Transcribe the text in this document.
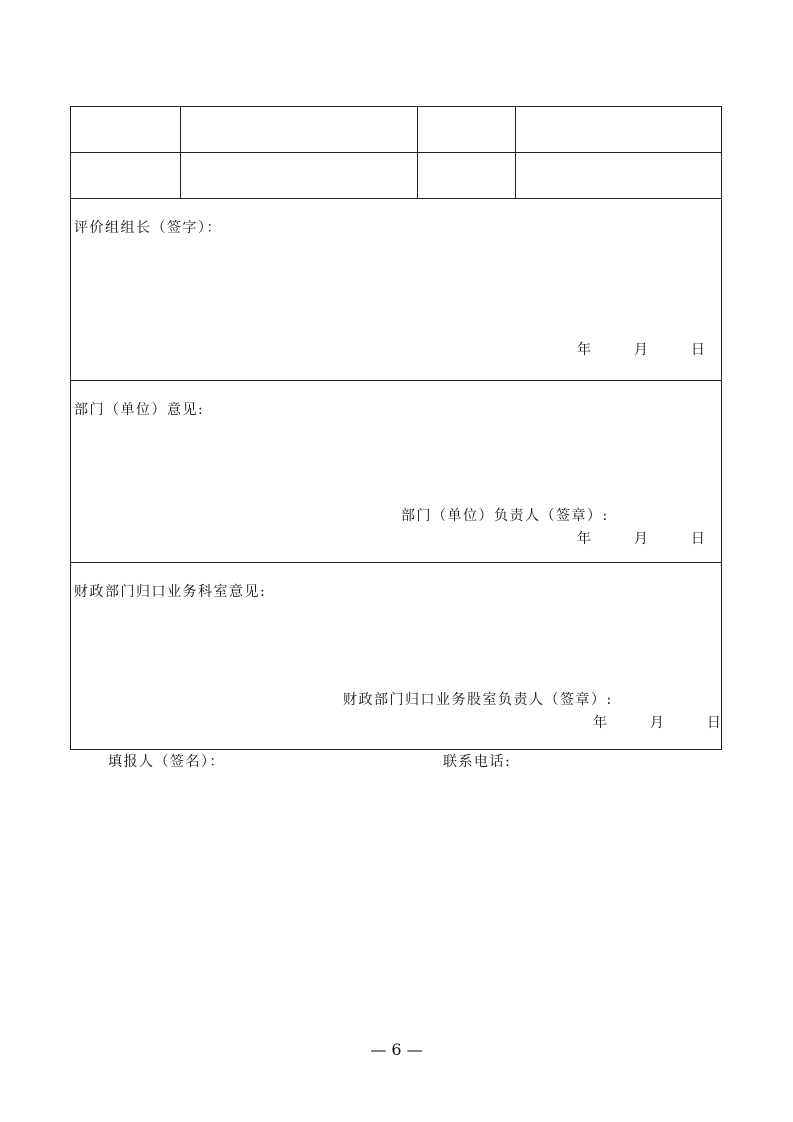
评价组组长（签字）：
年	月	日
部门（单位）意见:
部门（单位）负责人（签章）:
年	月	日
财政部门归口业务科室意见:
财政部门归口业务股室负责人（签章）:
年	月	日
填报人（签名）：	联系电话:
— 6 —
